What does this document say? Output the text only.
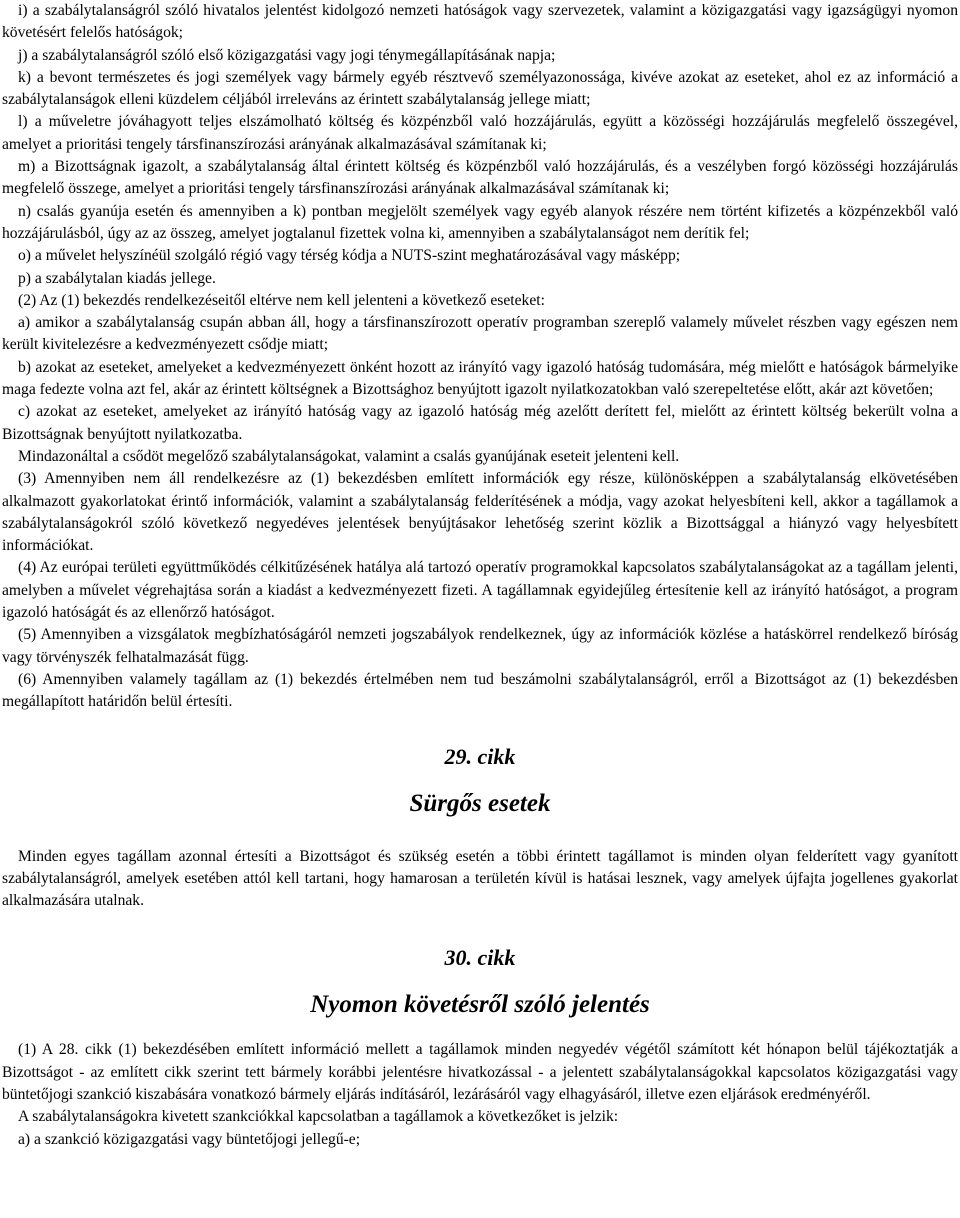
i) a szabálytalanságról szóló hivatalos jelentést kidolgozó nemzeti hatóságok vagy szervezetek, valamint a közigazgatási vagy igazságügyi nyomon követésért felelős hatóságok;

j) a szabálytalanságról szóló első közigazgatási vagy jogi ténymegállapításának napja;

k) a bevont természetes és jogi személyek vagy bármely egyéb résztvevő személyazonossága, kivéve azokat az eseteket, ahol ez az információ a szabálytalanságok elleni küzdelem céljából irreleváns az érintett szabálytalanság jellege miatt;

l) a műveletre jóváhagyott teljes elszámolható költség és közpénzből való hozzájárulás, együtt a közösségi hozzájárulás megfelelő összegével, amelyet a prioritási tengely társfinanszírozási arányának alkalmazásával számítanak ki;

m) a Bizottságnak igazolt, a szabálytalanság által érintett költség és közpénzből való hozzájárulás, és a veszélyben forgó közösségi hozzájárulás megfelelő összege, amelyet a prioritási tengely társfinanszírozási arányának alkalmazásával számítanak ki;

n) csalás gyanúja esetén és amennyiben a k) pontban megjelölt személyek vagy egyéb alanyok részére nem történt kifizetés a közpénzekből való hozzájárulásból, úgy az az összeg, amelyet jogtalanul fizettek volna ki, amennyiben a szabálytalanságot nem derítik fel;

o) a művelet helyszínéül szolgáló régió vagy térség kódja a NUTS-szint meghatározásával vagy másképp;

p) a szabálytalan kiadás jellege.

(2) Az (1) bekezdés rendelkezéseitől eltérve nem kell jelenteni a következő eseteket:

a) amikor a szabálytalanság csupán abban áll, hogy a társfinanszírozott operatív programban szereplő valamely művelet részben vagy egészen nem került kivitelezésre a kedvezményezett csődje miatt;

b) azokat az eseteket, amelyeket a kedvezményezett önként hozott az irányító vagy igazoló hatóság tudomására, még mielőtt e hatóságok bármelyike maga fedezte volna azt fel, akár az érintett költségnek a Bizottsághoz benyújtott igazolt nyilatkozatokban való szerepeltetése előtt, akár azt követően;

c) azokat az eseteket, amelyeket az irányító hatóság vagy az igazoló hatóság még azelőtt derített fel, mielőtt az érintett költség bekerült volna a Bizottságnak benyújtott nyilatkozatba.

Mindazonáltal a csődöt megelőző szabálytalanságokat, valamint a csalás gyanújának eseteit jelenteni kell.

(3) Amennyiben nem áll rendelkezésre az (1) bekezdésben említett információk egy része, különösképpen a szabálytalanság elkövetésében alkalmazott gyakorlatokat érintő információk, valamint a szabálytalanság felderítésének a módja, vagy azokat helyesbíteni kell, akkor a tagállamok a szabálytalanságokról szóló következő negyedéves jelentések benyújtásakor lehetőség szerint közlik a Bizottsággal a hiányzó vagy helyesbített információkat.

(4) Az európai területi együttműködés célkitűzésének hatálya alá tartozó operatív programokkal kapcsolatos szabálytalanságokat az a tagállam jelenti, amelyben a művelet végrehajtása során a kiadást a kedvezményezett fizeti. A tagállamnak egyidejűleg értesítenie kell az irányító hatóságot, a program igazoló hatóságát és az ellenőrző hatóságot.

(5) Amennyiben a vizsgálatok megbízhatóságáról nemzeti jogszabályok rendelkeznek, úgy az információk közlése a hatáskörrel rendelkező bíróság vagy törvényszék felhatalmazását függ.

(6) Amennyiben valamely tagállam az (1) bekezdés értelmében nem tud beszámolni szabálytalanságról, erről a Bizottságot az (1) bekezdésben megállapított határidőn belül értesíti.

29. cikk
Sürgős esetek

Minden egyes tagállam azonnal értesíti a Bizottságot és szükség esetén a többi érintett tagállamot is minden olyan felderített vagy gyanított szabálytalanságról, amelyek esetében attól kell tartani, hogy hamarosan a területén kívül is hatásai lesznek, vagy amelyek újfajta jogellenes gyakorlat alkalmazására utalnak.

30. cikk
Nyomon követésről szóló jelentés

(1) A 28. cikk (1) bekezdésében említett információ mellett a tagállamok minden negyedév végétől számított két hónapon belül tájékoztatják a Bizottságot - az említett cikk szerint tett bármely korábbi jelentésre hivatkozással - a jelentett szabálytalanságokkal kapcsolatos közigazgatási vagy büntetőjogi szankció kiszabására vonatkozó bármely eljárás indításáról, lezárásáról vagy elhagyásáról, illetve ezen eljárások eredményéről.

A szabálytalanságokra kivetett szankciókkal kapcsolatban a tagállamok a következőket is jelzik:

a) a szankció közigazgatási vagy büntetőjogi jellegű-e;
